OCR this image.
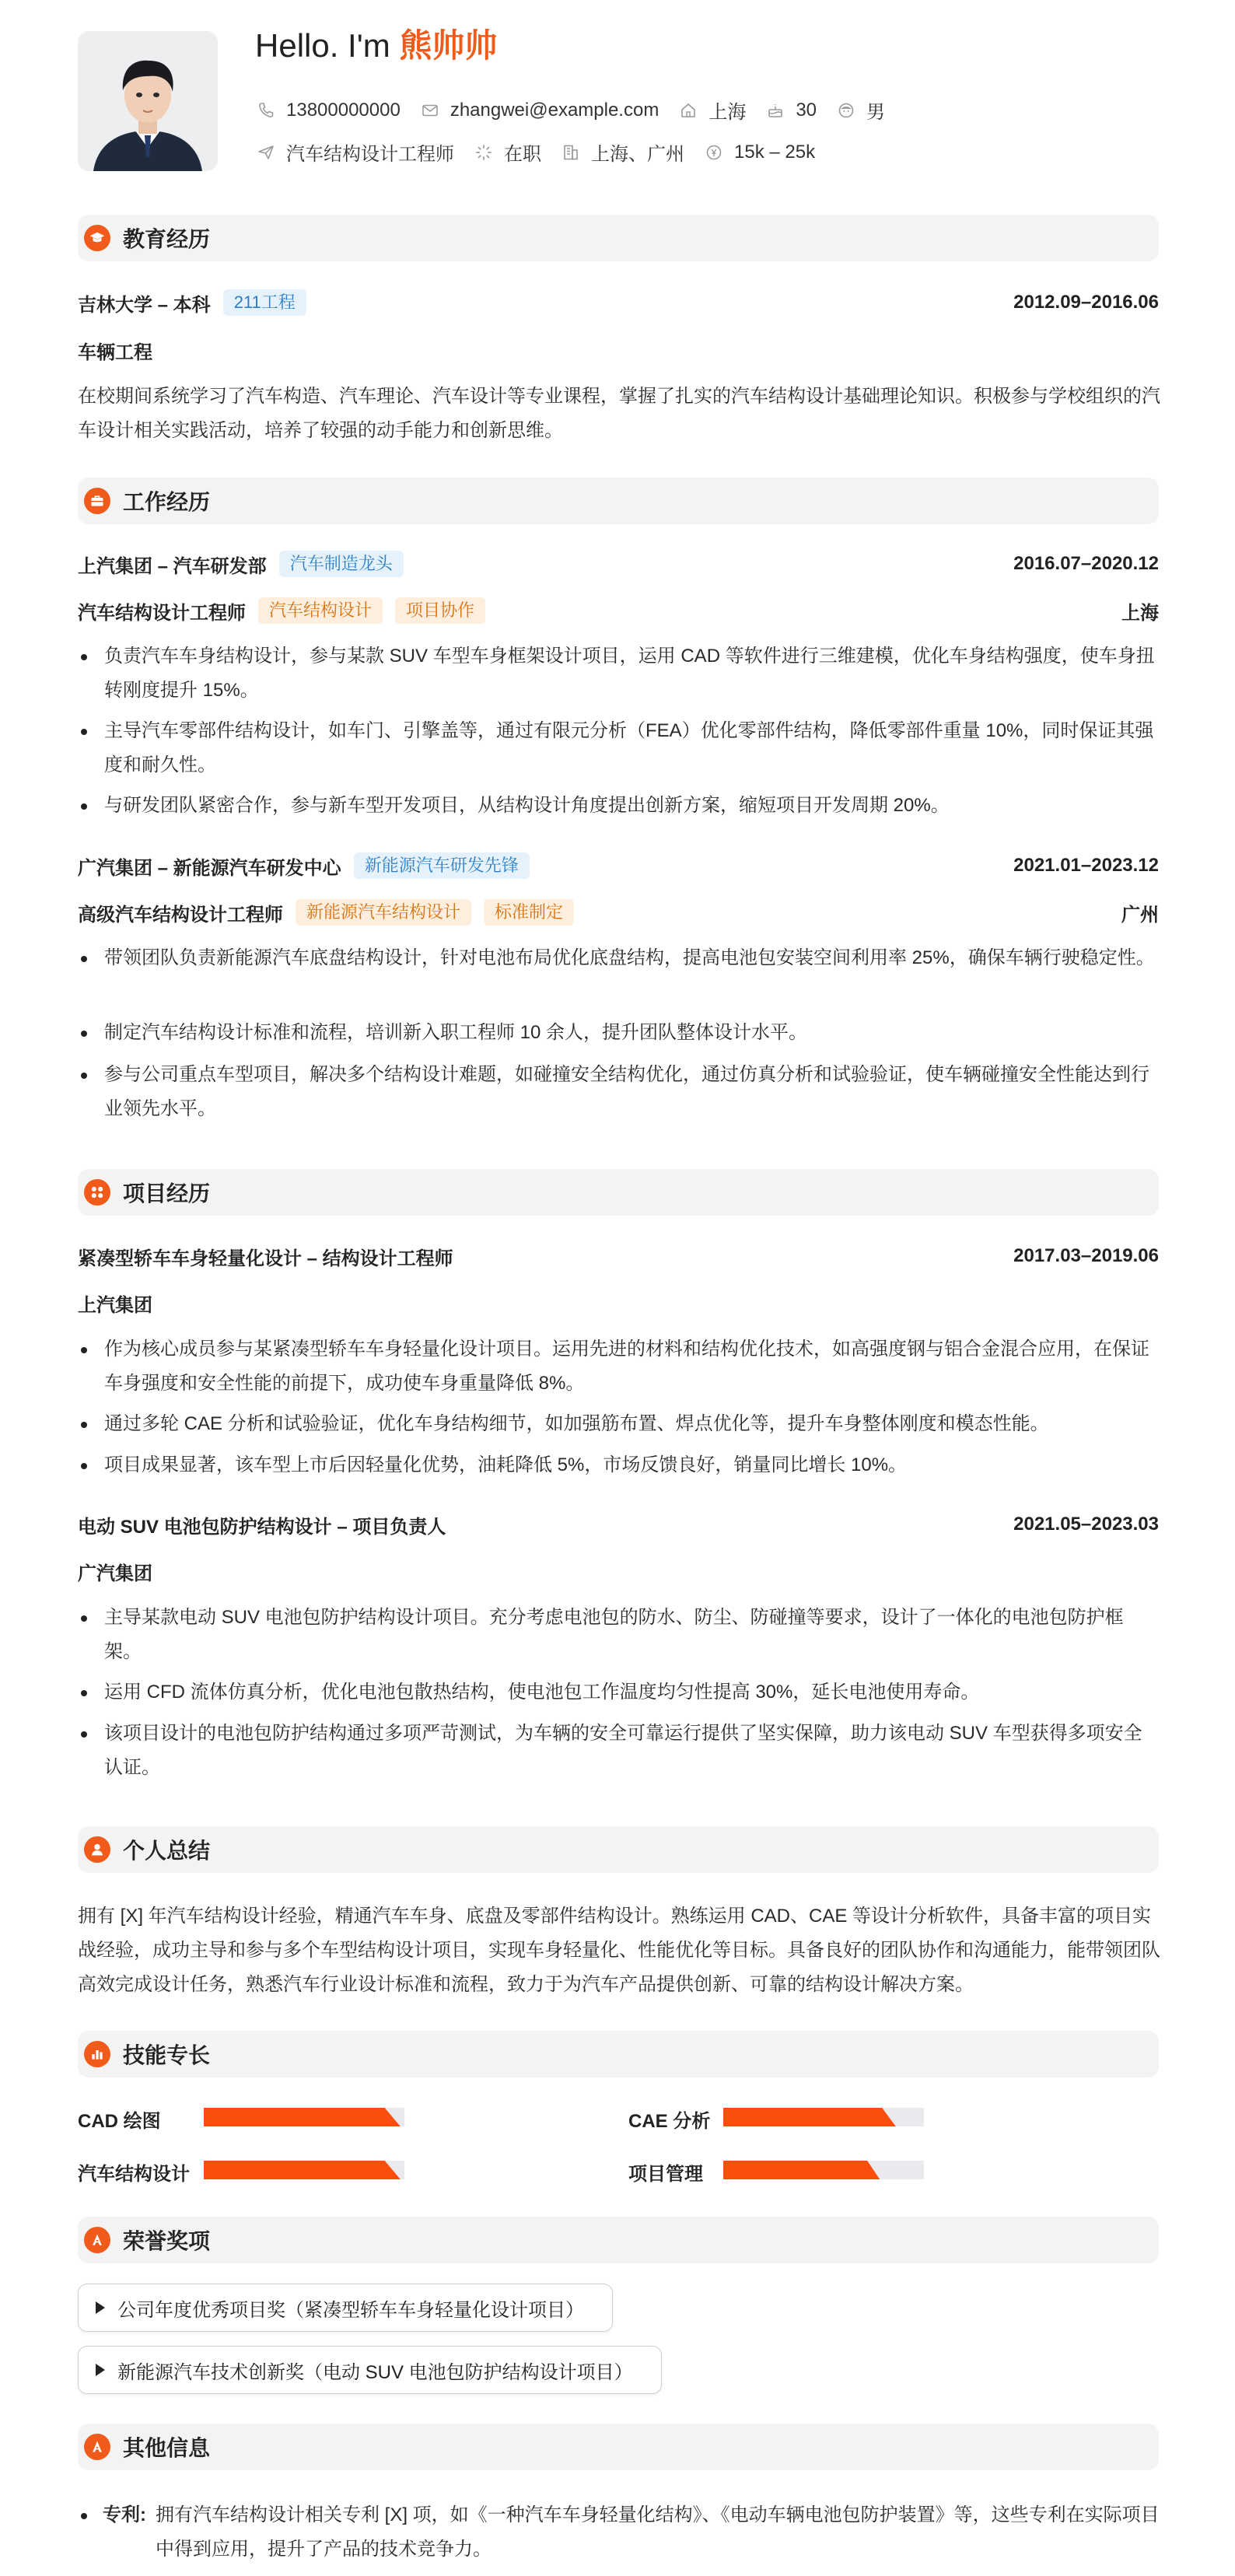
Hello. I'm 熊帅帅
13800000000	zhangwei@example.com	上海	30	男
汽车结构设计工程师	在职	上海、广州	15k – 25k
教育经历
吉林大学 – 本科	211工程	2012.09–2016.06
车辆工程
在校期间系统学习了汽车构造、汽车理论、汽车设计等专业课程，掌握了扎实的汽车结构设计基础理论知识。积极参与学校组织的汽车设计相关实践活动，培养了较强的动手能力和创新思维。
工作经历
上汽集团 – 汽车研发部	汽车制造龙头	2016.07–2020.12
汽车结构设计工程师	汽车结构设计	项目协作	上海
负责汽车车身结构设计，参与某款 SUV 车型车身框架设计项目，运用 CAD 等软件进行三维建模，优化车身结构强度，使车身扭转刚度提升 15%。
主导汽车零部件结构设计，如车门、引擎盖等，通过有限元分析（FEA）优化零部件结构，降低零部件重量 10%，同时保证其强度和耐久性。
与研发团队紧密合作，参与新车型开发项目，从结构设计角度提出创新方案，缩短项目开发周期 20%。
广汽集团 – 新能源汽车研发中心	新能源汽车研发先锋	2021.01–2023.12
高级汽车结构设计工程师	新能源汽车结构设计	标准制定	广州
带领团队负责新能源汽车底盘结构设计，针对电池布局优化底盘结构，提高电池包安装空间利用率 25%，确保车辆行驶稳定性。
制定汽车结构设计标准和流程，培训新入职工程师 10 余人，提升团队整体设计水平。
参与公司重点车型项目，解决多个结构设计难题，如碰撞安全结构优化，通过仿真分析和试验验证，使车辆碰撞安全性能达到行业领先水平。
项目经历
紧凑型轿车车身轻量化设计 – 结构设计工程师	2017.03–2019.06
上汽集团
作为核心成员参与某紧凑型轿车车身轻量化设计项目。运用先进的材料和结构优化技术，如高强度钢与铝合金混合应用，在保证车身强度和安全性能的前提下，成功使车身重量降低 8%。
通过多轮 CAE 分析和试验验证，优化车身结构细节，如加强筋布置、焊点优化等，提升车身整体刚度和模态性能。
项目成果显著，该车型上市后因轻量化优势，油耗降低 5%，市场反馈良好，销量同比增长 10%。
电动 SUV 电池包防护结构设计 – 项目负责人	2021.05–2023.03
广汽集团
主导某款电动 SUV 电池包防护结构设计项目。充分考虑电池包的防水、防尘、防碰撞等要求，设计了一体化的电池包防护框架。
运用 CFD 流体仿真分析，优化电池包散热结构，使电池包工作温度均匀性提高 30%，延长电池使用寿命。
该项目设计的电池包防护结构通过多项严苛测试，为车辆的安全可靠运行提供了坚实保障，助力该电动 SUV 车型获得多项安全认证。
个人总结
拥有 [X] 年汽车结构设计经验，精通汽车车身、底盘及零部件结构设计。熟练运用 CAD、CAE 等设计分析软件，具备丰富的项目实战经验，成功主导和参与多个车型结构设计项目，实现车身轻量化、性能优化等目标。具备良好的团队协作和沟通能力，能带领团队高效完成设计任务，熟悉汽车行业设计标准和流程，致力于为汽车产品提供创新、可靠的结构设计解决方案。
技能专长
CAD 绘图	CAE 分析
汽车结构设计	项目管理
荣誉奖项
公司年度优秀项目奖（紧凑型轿车车身轻量化设计项目）
新能源汽车技术创新奖（电动 SUV 电池包防护结构设计项目）
其他信息
专利: 拥有汽车结构设计相关专利 [X] 项，如《一种汽车车身轻量化结构》、《电动车辆电池包防护装置》等，这些专利在实际项目中得到应用，提升了产品的技术竞争力。
